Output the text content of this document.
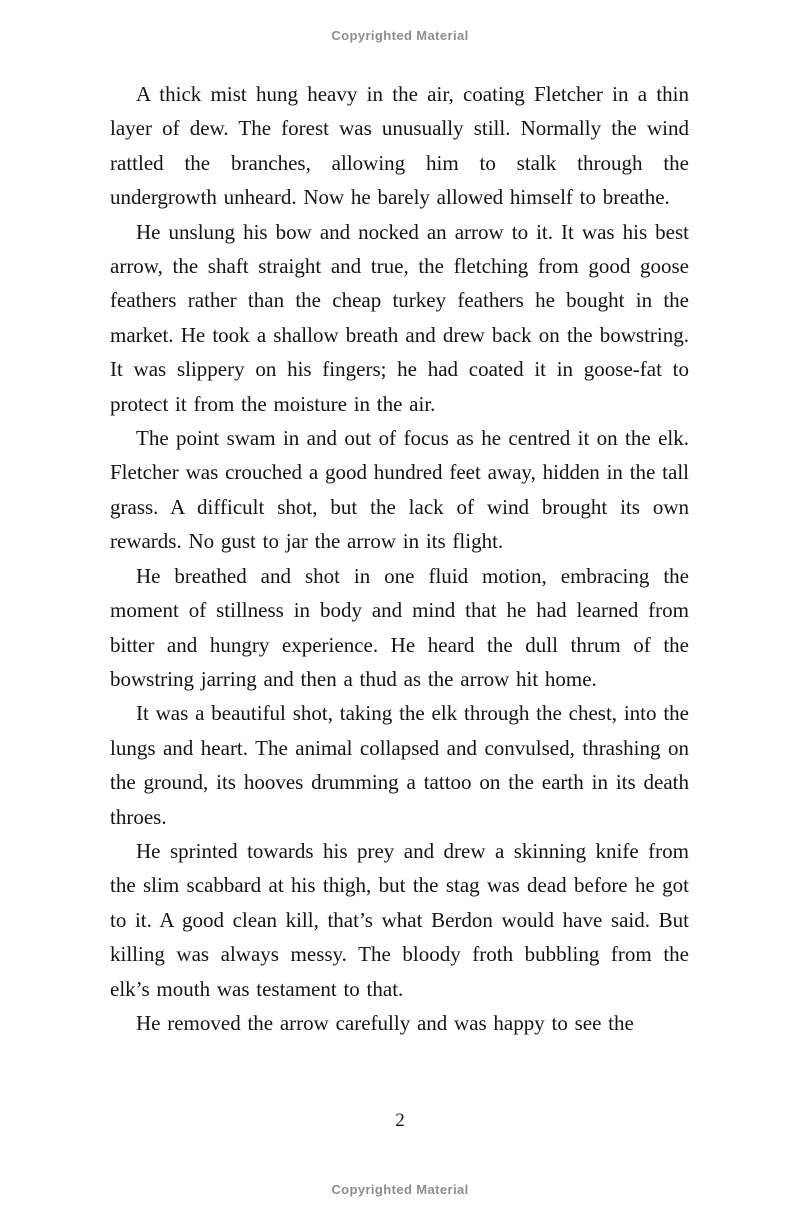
Copyrighted Material

A thick mist hung heavy in the air, coating Fletcher in a thin layer of dew. The forest was unusually still. Normally the wind rattled the branches, allowing him to stalk through the undergrowth unheard. Now he barely allowed himself to breathe.

He unslung his bow and nocked an arrow to it. It was his best arrow, the shaft straight and true, the fletching from good goose feathers rather than the cheap turkey feathers he bought in the market. He took a shallow breath and drew back on the bowstring. It was slippery on his fingers; he had coated it in goose-fat to protect it from the moisture in the air.

The point swam in and out of focus as he centred it on the elk. Fletcher was crouched a good hundred feet away, hidden in the tall grass. A difficult shot, but the lack of wind brought its own rewards. No gust to jar the arrow in its flight.

He breathed and shot in one fluid motion, embracing the moment of stillness in body and mind that he had learned from bitter and hungry experience. He heard the dull thrum of the bowstring jarring and then a thud as the arrow hit home.

It was a beautiful shot, taking the elk through the chest, into the lungs and heart. The animal collapsed and convulsed, thrashing on the ground, its hooves drumming a tattoo on the earth in its death throes.

He sprinted towards his prey and drew a skinning knife from the slim scabbard at his thigh, but the stag was dead before he got to it. A good clean kill, that’s what Berdon would have said. But killing was always messy. The bloody froth bubbling from the elk’s mouth was testament to that.

He removed the arrow carefully and was happy to see the

2
Copyrighted Material
